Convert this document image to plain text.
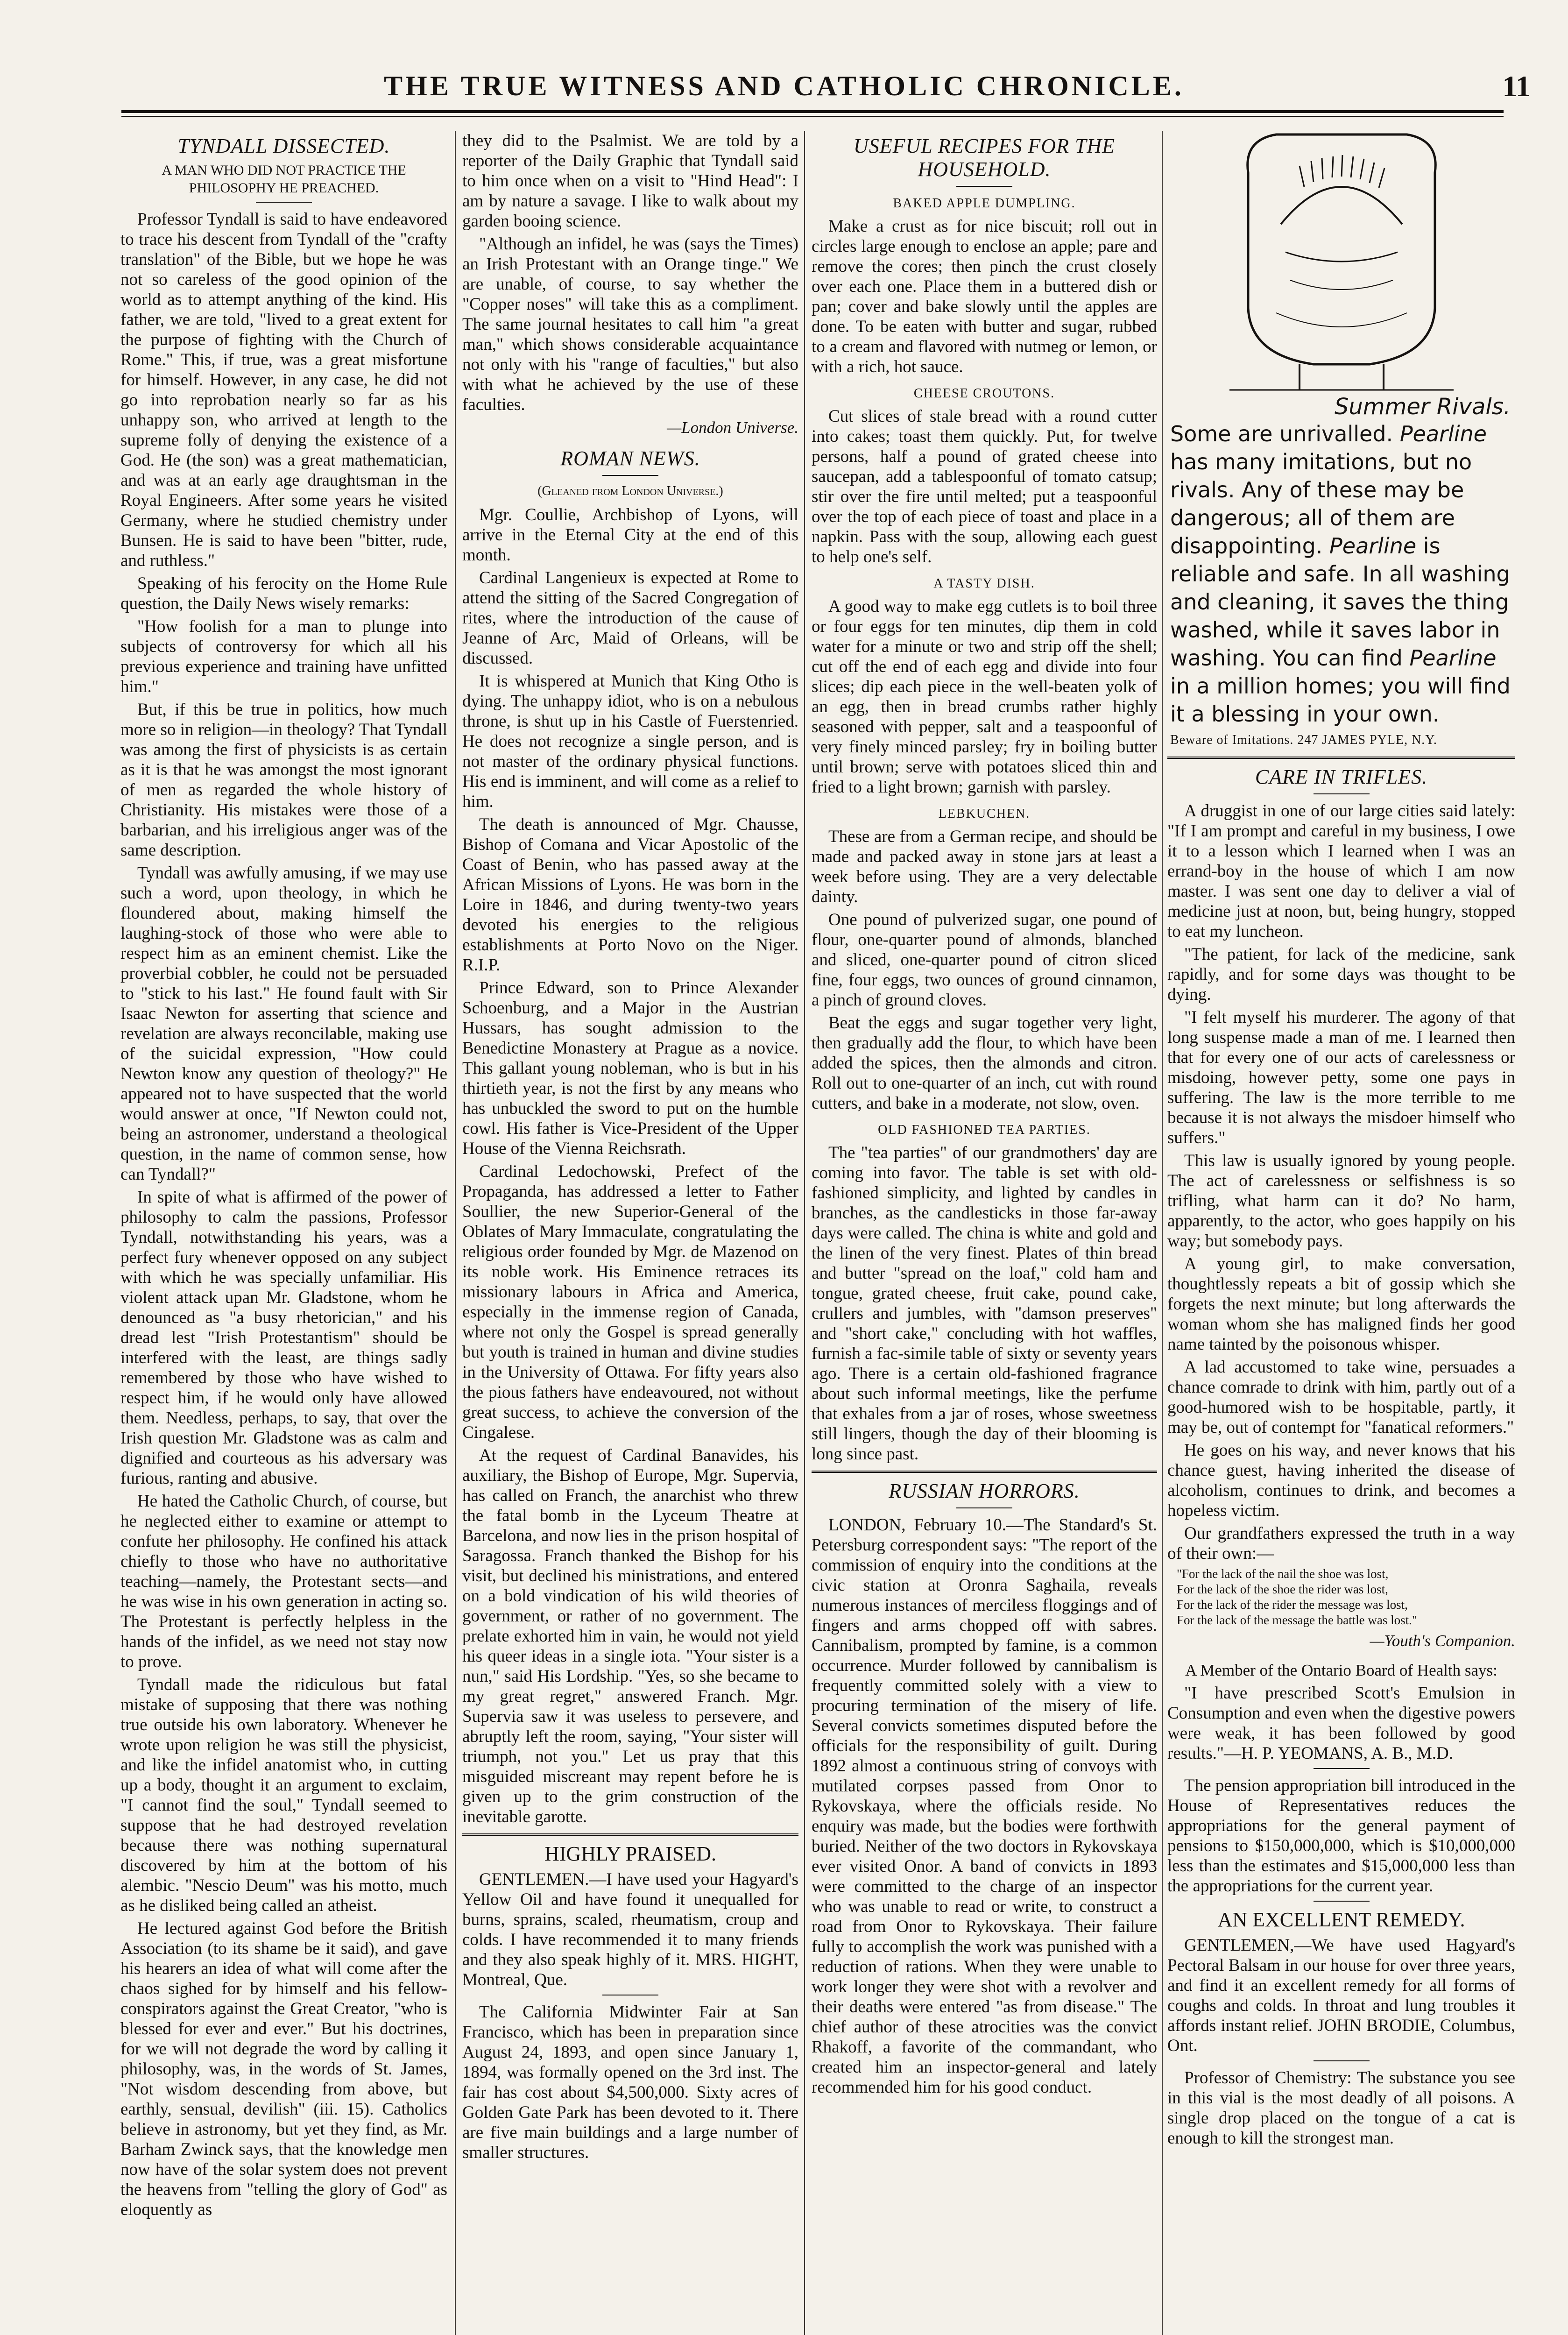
THE TRUE WITNESS AND CATHOLIC CHRONICLE.	11
TYNDALL DISSECTED.
A MAN WHO DID NOT PRACTICE THE PHILOSOPHY HE PREACHED.

Professor Tyndall is said to have endeavored to trace his descent from Tyndall of the "crafty translation" of the Bible, but we hope he was not so careless of the good opinion of the world as to attempt anything of the kind. His father, we are told, "lived to a great extent for the purpose of fighting with the Church of Rome." This, if true, was a great misfortune for himself. However, in any case, he did not go into reprobation nearly so far as his unhappy son, who arrived at length to the supreme folly of denying the existence of a God. He (the son) was a great mathematician, and was at an early age draughtsman in the Royal Engineers. After some years he visited Germany, where he studied chemistry under Bunsen. He is said to have been "bitter, rude, and ruthless."

Speaking of his ferocity on the Home Rule question, the Daily News wisely remarks:

"How foolish for a man to plunge into subjects of controversy for which all his previous experience and training have unfitted him."

But, if this be true in politics, how much more so in religion—in theology? That Tyndall was among the first of physicists is as certain as it is that he was amongst the most ignorant of men as regarded the whole history of Christianity. His mistakes were those of a barbarian, and his irreligious anger was of the same description.

Tyndall was awfully amusing, if we may use such a word, upon theology, in which he floundered about, making himself the laughing-stock of those who were able to respect him as an eminent chemist. Like the proverbial cobbler, he could not be persuaded to "stick to his last." He found fault with Sir Isaac Newton for asserting that science and revelation are always reconcilable, making use of the suicidal expression, "How could Newton know any question of theology?" He appeared not to have suspected that the world would answer at once, "If Newton could not, being an astronomer, understand a theological question, in the name of common sense, how can Tyndall?"

In spite of what is affirmed of the power of philosophy to calm the passions, Professor Tyndall, notwithstanding his years, was a perfect fury whenever opposed on any subject with which he was specially unfamiliar. His violent attack upan Mr. Gladstone, whom he denounced as "a busy rhetorician," and his dread lest "Irish Protestantism" should be interfered with the least, are things sadly remembered by those who have wished to respect him, if he would only have allowed them. Needless, perhaps, to say, that over the Irish question Mr. Gladstone was as calm and dignified and courteous as his adversary was furious, ranting and abusive.

He hated the Catholic Church, of course, but he neglected either to examine or attempt to confute her philosophy. He confined his attack chiefly to those who have no authoritative teaching—namely, the Protestant sects—and he was wise in his own generation in acting so. The Protestant is perfectly helpless in the hands of the infidel, as we need not stay now to prove.

Tyndall made the ridiculous but fatal mistake of supposing that there was nothing true outside his own laboratory. Whenever he wrote upon religion he was still the physicist, and like the infidel anatomist who, in cutting up a body, thought it an argument to exclaim, "I cannot find the soul," Tyndall seemed to suppose that he had destroyed revelation because there was nothing supernatural discovered by him at the bottom of his alembic. "Nescio Deum" was his motto, much as he disliked being called an atheist.

He lectured against God before the British Association (to its shame be it said), and gave his hearers an idea of what will come after the chaos sighed for by himself and his fellow-conspirators against the Great Creator, "who is blessed for ever and ever." But his doctrines, for we will not degrade the word by calling it philosophy, was, in the words of St. James, "Not wisdom descending from above, but earthly, sensual, devilish" (iii. 15). Catholics believe in astronomy, but yet they find, as Mr. Barham Zwinck says, that the knowledge men now have of the solar system does not prevent the heavens from "telling the glory of God" as eloquently as

they did to the Psalmist. We are told by a reporter of the Daily Graphic that Tyndall said to him once when on a visit to "Hind Head": I am by nature a savage. I like to walk about my garden booing science.

"Although an infidel, he was (says the Times) an Irish Protestant with an Orange tinge." We are unable, of course, to say whether the "Copper noses" will take this as a compliment. The same journal hesitates to call him "a great man," which shows considerable acquaintance not only with his "range of faculties," but also with what he achieved by the use of these faculties.

—London Universe.
ROMAN NEWS.
(Gleaned from London Universe.)

Mgr. Coullie, Archbishop of Lyons, will arrive in the Eternal City at the end of this month.

Cardinal Langenieux is expected at Rome to attend the sitting of the Sacred Congregation of rites, where the introduction of the cause of Jeanne of Arc, Maid of Orleans, will be discussed.

It is whispered at Munich that King Otho is dying. The unhappy idiot, who is on a nebulous throne, is shut up in his Castle of Fuerstenried. He does not recognize a single person, and is not master of the ordinary physical functions. His end is imminent, and will come as a relief to him.

The death is announced of Mgr. Chausse, Bishop of Comana and Vicar Apostolic of the Coast of Benin, who has passed away at the African Missions of Lyons. He was born in the Loire in 1846, and during twenty-two years devoted his energies to the religious establishments at Porto Novo on the Niger. R.I.P.

Prince Edward, son to Prince Alexander Schoenburg, and a Major in the Austrian Hussars, has sought admission to the Benedictine Monastery at Prague as a novice. This gallant young nobleman, who is but in his thirtieth year, is not the first by any means who has unbuckled the sword to put on the humble cowl. His father is Vice-President of the Upper House of the Vienna Reichsrath.

Cardinal Ledochowski, Prefect of the Propaganda, has addressed a letter to Father Soullier, the new Superior-General of the Oblates of Mary Immaculate, congratulating the religious order founded by Mgr. de Mazenod on its noble work. His Eminence retraces its missionary labours in Africa and America, especially in the immense region of Canada, where not only the Gospel is spread generally but youth is trained in human and divine studies in the University of Ottawa. For fifty years also the pious fathers have endeavoured, not without great success, to achieve the conversion of the Cingalese.

At the request of Cardinal Banavides, his auxiliary, the Bishop of Europe, Mgr. Supervia, has called on Franch, the anarchist who threw the fatal bomb in the Lyceum Theatre at Barcelona, and now lies in the prison hospital of Saragossa. Franch thanked the Bishop for his visit, but declined his ministrations, and entered on a bold vindication of his wild theories of government, or rather of no government. The prelate exhorted him in vain, he would not yield his queer ideas in a single iota. "Your sister is a nun," said His Lordship. "Yes, so she became to my great regret," answered Franch. Mgr. Supervia saw it was useless to persevere, and abruptly left the room, saying, "Your sister will triumph, not you." Let us pray that this misguided miscreant may repent before he is given up to the grim construction of the inevitable garotte.

HIGHLY PRAISED.

GENTLEMEN.—I have used your Hagyard's Yellow Oil and have found it unequalled for burns, sprains, scaled, rheumatism, croup and colds. I have recommended it to many friends and they also speak highly of it. MRS. HIGHT, Montreal, Que.

The California Midwinter Fair at San Francisco, which has been in preparation since August 24, 1893, and open since January 1, 1894, was formally opened on the 3rd inst. The fair has cost about $4,500,000. Sixty acres of Golden Gate Park has been devoted to it. There are five main buildings and a large number of smaller structures.

USEFUL RECIPES FOR THE HOUSEHOLD.
BAKED APPLE DUMPLING.

Make a crust as for nice biscuit; roll out in circles large enough to enclose an apple; pare and remove the cores; then pinch the crust closely over each one. Place them in a buttered dish or pan; cover and bake slowly until the apples are done. To be eaten with butter and sugar, rubbed to a cream and flavored with nutmeg or lemon, or with a rich, hot sauce.

CHEESE CROUTONS.

Cut slices of stale bread with a round cutter into cakes; toast them quickly. Put, for twelve persons, half a pound of grated cheese into saucepan, add a tablespoonful of tomato catsup; stir over the fire until melted; put a teaspoonful over the top of each piece of toast and place in a napkin. Pass with the soup, allowing each guest to help one's self.

A TASTY DISH.

A good way to make egg cutlets is to boil three or four eggs for ten minutes, dip them in cold water for a minute or two and strip off the shell; cut off the end of each egg and divide into four slices; dip each piece in the well-beaten yolk of an egg, then in bread crumbs rather highly seasoned with pepper, salt and a teaspoonful of very finely minced parsley; fry in boiling butter until brown; serve with potatoes sliced thin and fried to a light brown; garnish with parsley.

LEBKUCHEN.

These are from a German recipe, and should be made and packed away in stone jars at least a week before using. They are a very delectable dainty.

One pound of pulverized sugar, one pound of flour, one-quarter pound of almonds, blanched and sliced, one-quarter pound of citron sliced fine, four eggs, two ounces of ground cinnamon, a pinch of ground cloves.

Beat the eggs and sugar together very light, then gradually add the flour, to which have been added the spices, then the almonds and citron. Roll out to one-quarter of an inch, cut with round cutters, and bake in a moderate, not slow, oven.

OLD FASHIONED TEA PARTIES.

The "tea parties" of our grandmothers' day are coming into favor. The table is set with old-fashioned simplicity, and lighted by candles in branches, as the candlesticks in those far-away days were called. The china is white and gold and the linen of the very finest. Plates of thin bread and butter "spread on the loaf," cold ham and tongue, grated cheese, fruit cake, pound cake, crullers and jumbles, with "damson preserves" and "short cake," concluding with hot waffles, furnish a fac-simile table of sixty or seventy years ago. There is a certain old-fashioned fragrance about such informal meetings, like the perfume that exhales from a jar of roses, whose sweetness still lingers, though the day of their blooming is long since past.

RUSSIAN HORRORS.

LONDON, February 10.—The Standard's St. Petersburg correspondent says: "The report of the commission of enquiry into the conditions at the civic station at Oronra Saghaila, reveals numerous instances of merciless floggings and of fingers and arms chopped off with sabres. Cannibalism, prompted by famine, is a common occurrence. Murder followed by cannibalism is frequently committed solely with a view to procuring termination of the misery of life. Several convicts sometimes disputed before the officials for the responsibility of guilt. During 1892 almost a continuous string of convoys with mutilated corpses passed from Onor to Rykovskaya, where the officials reside. No enquiry was made, but the bodies were forthwith buried. Neither of the two doctors in Rykovskaya ever visited Onor. A band of convicts in 1893 were committed to the charge of an inspector who was unable to read or write, to construct a road from Onor to Rykovskaya. Their failure fully to accomplish the work was punished with a reduction of rations. When they were unable to work longer they were shot with a revolver and their deaths were entered "as from disease." The chief author of these atrocities was the convict Rhakoff, a favorite of the commandant, who created him an inspector-general and lately recommended him for his good conduct.

Summer Rivals.
Some are unrivalled. Pearline has many imitations, but no rivals. Any of these may be dangerous; all of them are disappointing. Pearline is reliable and safe. In all washing and cleaning, it saves the thing washed, while it saves labor in washing. You can find Pearline in a million homes; you will find it a blessing in your own.
Beware of Imitations. 247 JAMES PYLE, N.Y.
CARE IN TRIFLES.

A druggist in one of our large cities said lately: "If I am prompt and careful in my business, I owe it to a lesson which I learned when I was an errand-boy in the house of which I am now master. I was sent one day to deliver a vial of medicine just at noon, but, being hungry, stopped to eat my luncheon.

"The patient, for lack of the medicine, sank rapidly, and for some days was thought to be dying.

"I felt myself his murderer. The agony of that long suspense made a man of me. I learned then that for every one of our acts of carelessness or misdoing, however petty, some one pays in suffering. The law is the more terrible to me because it is not always the misdoer himself who suffers."

This law is usually ignored by young people. The act of carelessness or selfishness is so trifling, what harm can it do? No harm, apparently, to the actor, who goes happily on his way; but somebody pays.

A young girl, to make conversation, thoughtlessly repeats a bit of gossip which she forgets the next minute; but long afterwards the woman whom she has maligned finds her good name tainted by the poisonous whisper.

A lad accustomed to take wine, persuades a chance comrade to drink with him, partly out of a good-humored wish to be hospitable, partly, it may be, out of contempt for "fanatical reformers."

He goes on his way, and never knows that his chance guest, having inherited the disease of alcoholism, continues to drink, and becomes a hopeless victim.

Our grandfathers expressed the truth in a way of their own:—

"For the lack of the nail the shoe was lost,
For the lack of the shoe the rider was lost,
For the lack of the rider the message was lost,
For the lack of the message the battle was lost."
—Youth's Companion.
A Member of the Ontario Board of Health says:

"I have prescribed Scott's Emulsion in Consumption and even when the digestive powers were weak, it has been followed by good results."—H. P. YEOMANS, A. B., M.D.

The pension appropriation bill introduced in the House of Representatives reduces the appropriations for the general payment of pensions to $150,000,000, which is $10,000,000 less than the estimates and $15,000,000 less than the appropriations for the current year.

AN EXCELLENT REMEDY.

GENTLEMEN,—We have used Hagyard's Pectoral Balsam in our house for over three years, and find it an excellent remedy for all forms of coughs and colds. In throat and lung troubles it affords instant relief. JOHN BRODIE, Columbus, Ont.

Professor of Chemistry: The substance you see in this vial is the most deadly of all poisons. A single drop placed on the tongue of a cat is enough to kill the strongest man.
